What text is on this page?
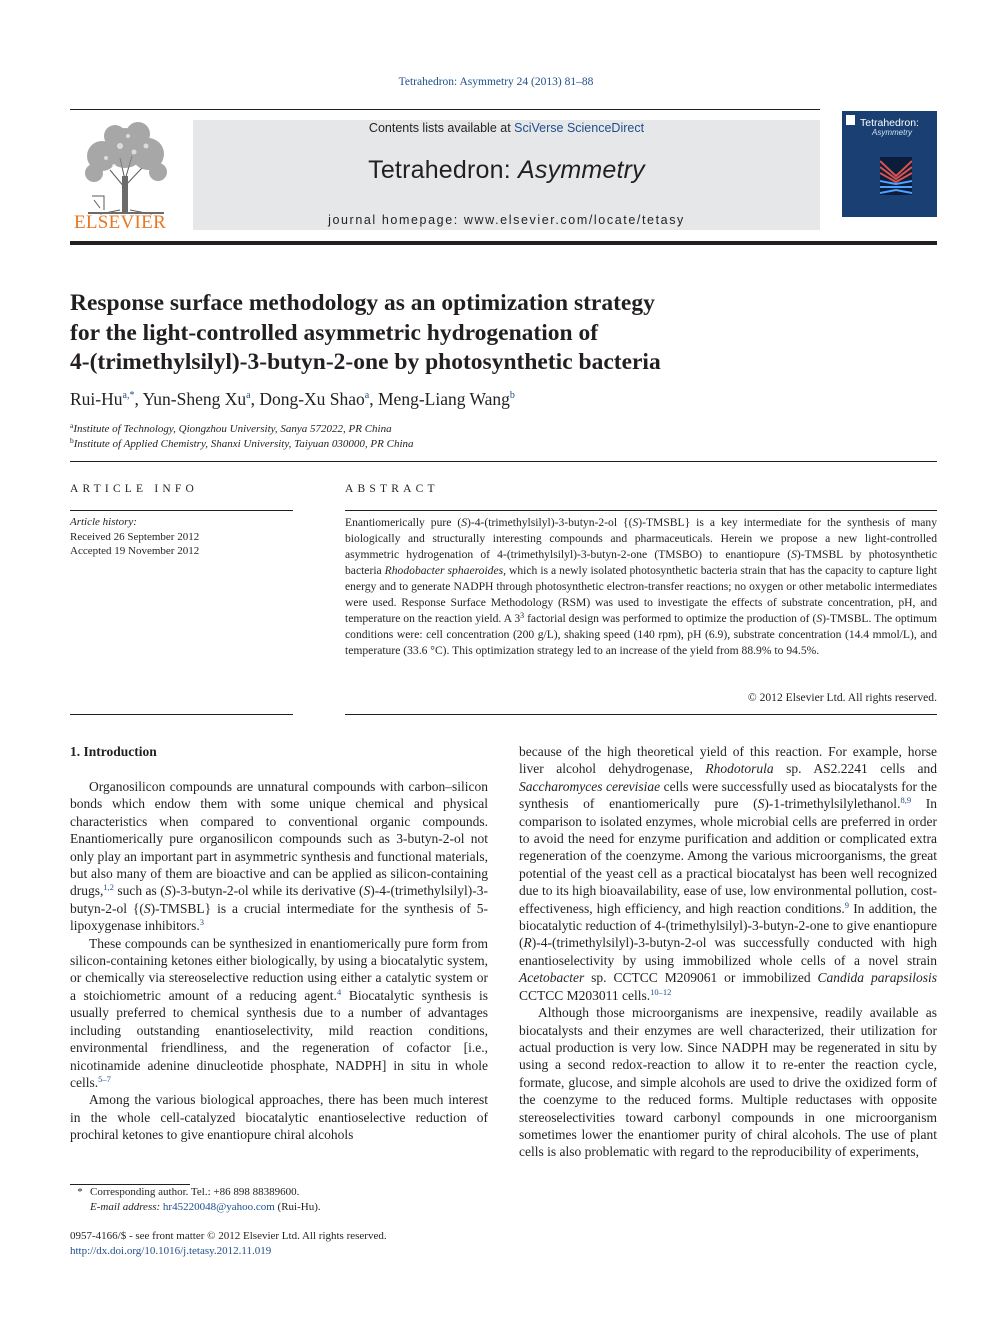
Tetrahedron: Asymmetry 24 (2013) 81–88
ELSEVIER
Contents lists available at SciVerse ScienceDirect
Tetrahedron: Asymmetry
journal homepage: www.elsevier.com/locate/tetasy
Tetrahedron:
Asymmetry
Response surface methodology as an optimization strategy
for the light-controlled asymmetric hydrogenation of
4-(trimethylsilyl)-3-butyn-2-one by photosynthetic bacteria
Rui-$Hu^{a,*}$, Yun-Sheng Xu$^a$, Dong-Xu Shao$^a$, Meng-Liang Wang$^b$
$^a$Institute of Technology, Qiongzhou University, Sanya 572022, PR China
$^b$Institute of Applied Chemistry, Shanxi University, Taiyuan 030000, PR China
ARTICLE INFO	ABSTRACT
Article history:
Received 26 September 2012
Accepted 19 November 2012
Enantiomerically pure (S)-4-(trimethylsilyl)-3-butyn-2-ol {(S)-TMSBL} is a key intermediate for the synthesis of many biologically and structurally interesting compounds and pharmaceuticals. Herein we propose a new light-controlled asymmetric hydrogenation of 4-(trimethylsilyl)-3-butyn-2-one (TMSBO) to enantiopure (S)-TMSBL by photosynthetic bacteria Rhodobacter sphaeroides, which is a newly isolated photosynthetic bacteria strain that has the capacity to capture light energy and to generate NADPH through photosynthetic electron-transfer reactions; no oxygen or other metabolic intermediates were used. Response Surface Methodology (RSM) was used to investigate the effects of substrate concentration, pH, and temperature on the reaction yield. A $3^3$ factorial design was performed to optimize the production of (S)-TMSBL. The optimum conditions were: cell concentration (200 g/L), shaking speed (140 rpm), pH (6.9), substrate concentration (14.4 mmol/L), and temperature (33.6 °C). This optimization strategy led to an increase of the yield from 88.9% to 94.5%.
© 2012 Elsevier Ltd. All rights reserved.
1. Introduction

Organosilicon compounds are unnatural compounds with carbon–silicon bonds which endow them with some unique chemical and physical characteristics when compared to conventional organic compounds. Enantiomerically pure organosilicon compounds such as 3-butyn-2-ol not only play an important part in asymmetric synthesis and functional materials, but also many of them are bioactive and can be applied as silicon-containing drugs,$^{1,2}$ such as (S)-3-butyn-2-ol while its derivative (S)-4-(trimethylsilyl)-3-butyn-2-ol {(S)-TMSBL} is a crucial intermediate for the synthesis of 5-lipoxygenase inhibitors.$^3$

These compounds can be synthesized in enantiomerically pure form from silicon-containing ketones either biologically, by using a biocatalytic system, or chemically via stereoselective reduction using either a catalytic system or a stoichiometric amount of a reducing agent.$^4$ Biocatalytic synthesis is usually preferred to chemical synthesis due to a number of advantages including outstanding enantioselectivity, mild reaction conditions, environmental friendliness, and the regeneration of cofactor [i.e., nicotinamide adenine dinucleotide phosphate, NADPH] in situ in whole cells.$^{5-7}$

Among the various biological approaches, there has been much interest in the whole cell-catalyzed biocatalytic enantioselective reduction of prochiral ketones to give enantiopure chiral alcohols

because of the high theoretical yield of this reaction. For example, horse liver alcohol dehydrogenase, Rhodotorula sp. AS2.2241 cells and Saccharomyces cerevisiae cells were successfully used as biocatalysts for the synthesis of enantiomerically pure (S)-1-trimethylsilylethanol.$^{8,9}$ In comparison to isolated enzymes, whole microbial cells are preferred in order to avoid the need for enzyme purification and addition or complicated extra regeneration of the coenzyme. Among the various microorganisms, the great potential of the yeast cell as a practical biocatalyst has been well recognized due to its high bioavailability, ease of use, low environmental pollution, cost-effectiveness, high efficiency, and high reaction conditions.$^9$ In addition, the biocatalytic reduction of 4-(trimethylsilyl)-3-butyn-2-one to give enantiopure (R)-4-(trimethylsilyl)-3-butyn-2-ol was successfully conducted with high enantioselectivity by using immobilized whole cells of a novel strain Acetobacter sp. CCTCC M209061 or immobilized Candida parapsilosis CCTCC M203011 cells.$^{10-12}$

Although those microorganisms are inexpensive, readily available as biocatalysts and their enzymes are well characterized, their utilization for actual production is very low. Since NADPH may be regenerated in situ by using a second redox-reaction to allow it to re-enter the reaction cycle, formate, glucose, and simple alcohols are used to drive the oxidized form of the coenzyme to the reduced forms. Multiple reductases with opposite stereoselectivities toward carbonyl compounds in one microorganism sometimes lower the enantiomer purity of chiral alcohols. The use of plant cells is also problematic with regard to the reproducibility of experiments,

* Corresponding author. Tel.: +86 898 88389600.
E-mail address: hr45220048@yahoo.com (Rui-Hu).
0957-4166/$ - see front matter © 2012 Elsevier Ltd. All rights reserved.
http://dx.doi.org/10.1016/j.tetasy.2012.11.019
